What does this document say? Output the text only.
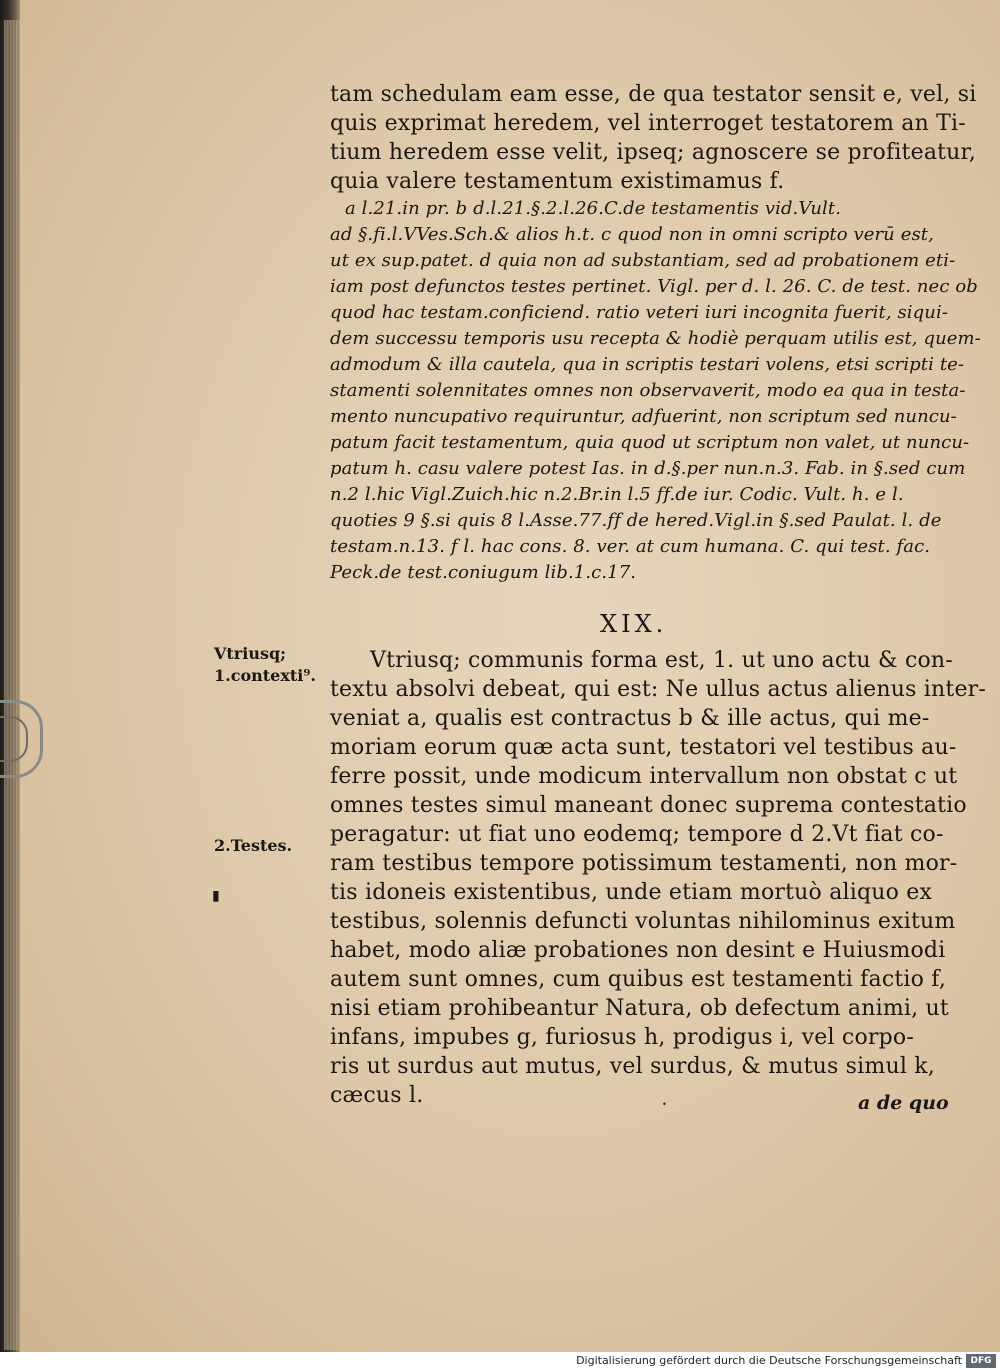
tam schedulam eam esse, de qua testator sensit e, vel, si
quis exprimat heredem, vel interroget testatorem an Ti-
tium heredem esse velit, ipseq; agnoscere se profiteatur,
quia valere testamentum existimamus f.
a l.21.in pr. b d.l.21.§.2.l.26.C.de testamentis vid.Vult.
ad §.fi.l.VVes.Sch.& alios h.t. c quod non in omni scripto verū est,
ut ex sup.patet. d quia non ad substantiam, sed ad probationem eti-
iam post defunctos testes pertinet. Vigl. per d. l. 26. C. de test. nec ob
quod hac testam.conficiend. ratio veteri iuri incognita fuerit, siqui-
dem successu temporis usu recepta & hodiè perquam utilis est, quem-
admodum & illa cautela, qua in scriptis testari volens, etsi scripti te-
stamenti solennitates omnes non observaverit, modo ea qua in testa-
mento nuncupativo requiruntur, adfuerint, non scriptum sed nuncu-
patum facit testamentum, quia quod ut scriptum non valet, ut nuncu-
patum h. casu valere potest Ias. in d.§.per nun.n.3. Fab. in §.sed cum
n.2 l.hic Vigl.Zuich.hic n.2.Br.in l.5 ff.de iur. Codic. Vult. h. e l.
quoties 9 §.si quis 8 l.Asse.77.ff de hered.Vigl.in §.sed Paulat. l. de
testam.n.13. f l. hac cons. 8. ver. at cum humana. C. qui test. fac.
Peck.de test.coniugum lib.1.c.17.
XIX.
Vtriusq;
1.contexti⁹.
2.Testes.
Vtriusq; communis forma est, 1. ut uno actu & con-
textu absolvi debeat, qui est: Ne ullus actus alienus inter-
veniat a, qualis est contractus b & ille actus, qui me-
moriam eorum quæ acta sunt, testatori vel testibus au-
ferre possit, unde modicum intervallum non obstat c ut
omnes testes simul maneant donec suprema contestatio
peragatur: ut fiat uno eodemq; tempore d 2.Vt fiat co-
ram testibus tempore potissimum testamenti, non mor-
tis idoneis existentibus, unde etiam mortuò aliquo ex
testibus, solennis defuncti voluntas nihilominus exitum
habet, modo aliæ probationes non desint e Huiusmodi
autem sunt omnes, cum quibus est testamenti factio f,
nisi etiam prohibeantur Natura, ob defectum animi, ut
infans, impubes g, furiosus h, prodigus i, vel corpo-
ris ut surdus aut mutus, vel surdus, & mutus simul k,
cæcus l.	a de quo
▮
•
Digitalisierung gefördert durch die Deutsche Forschungsgemeinschaft DFG
